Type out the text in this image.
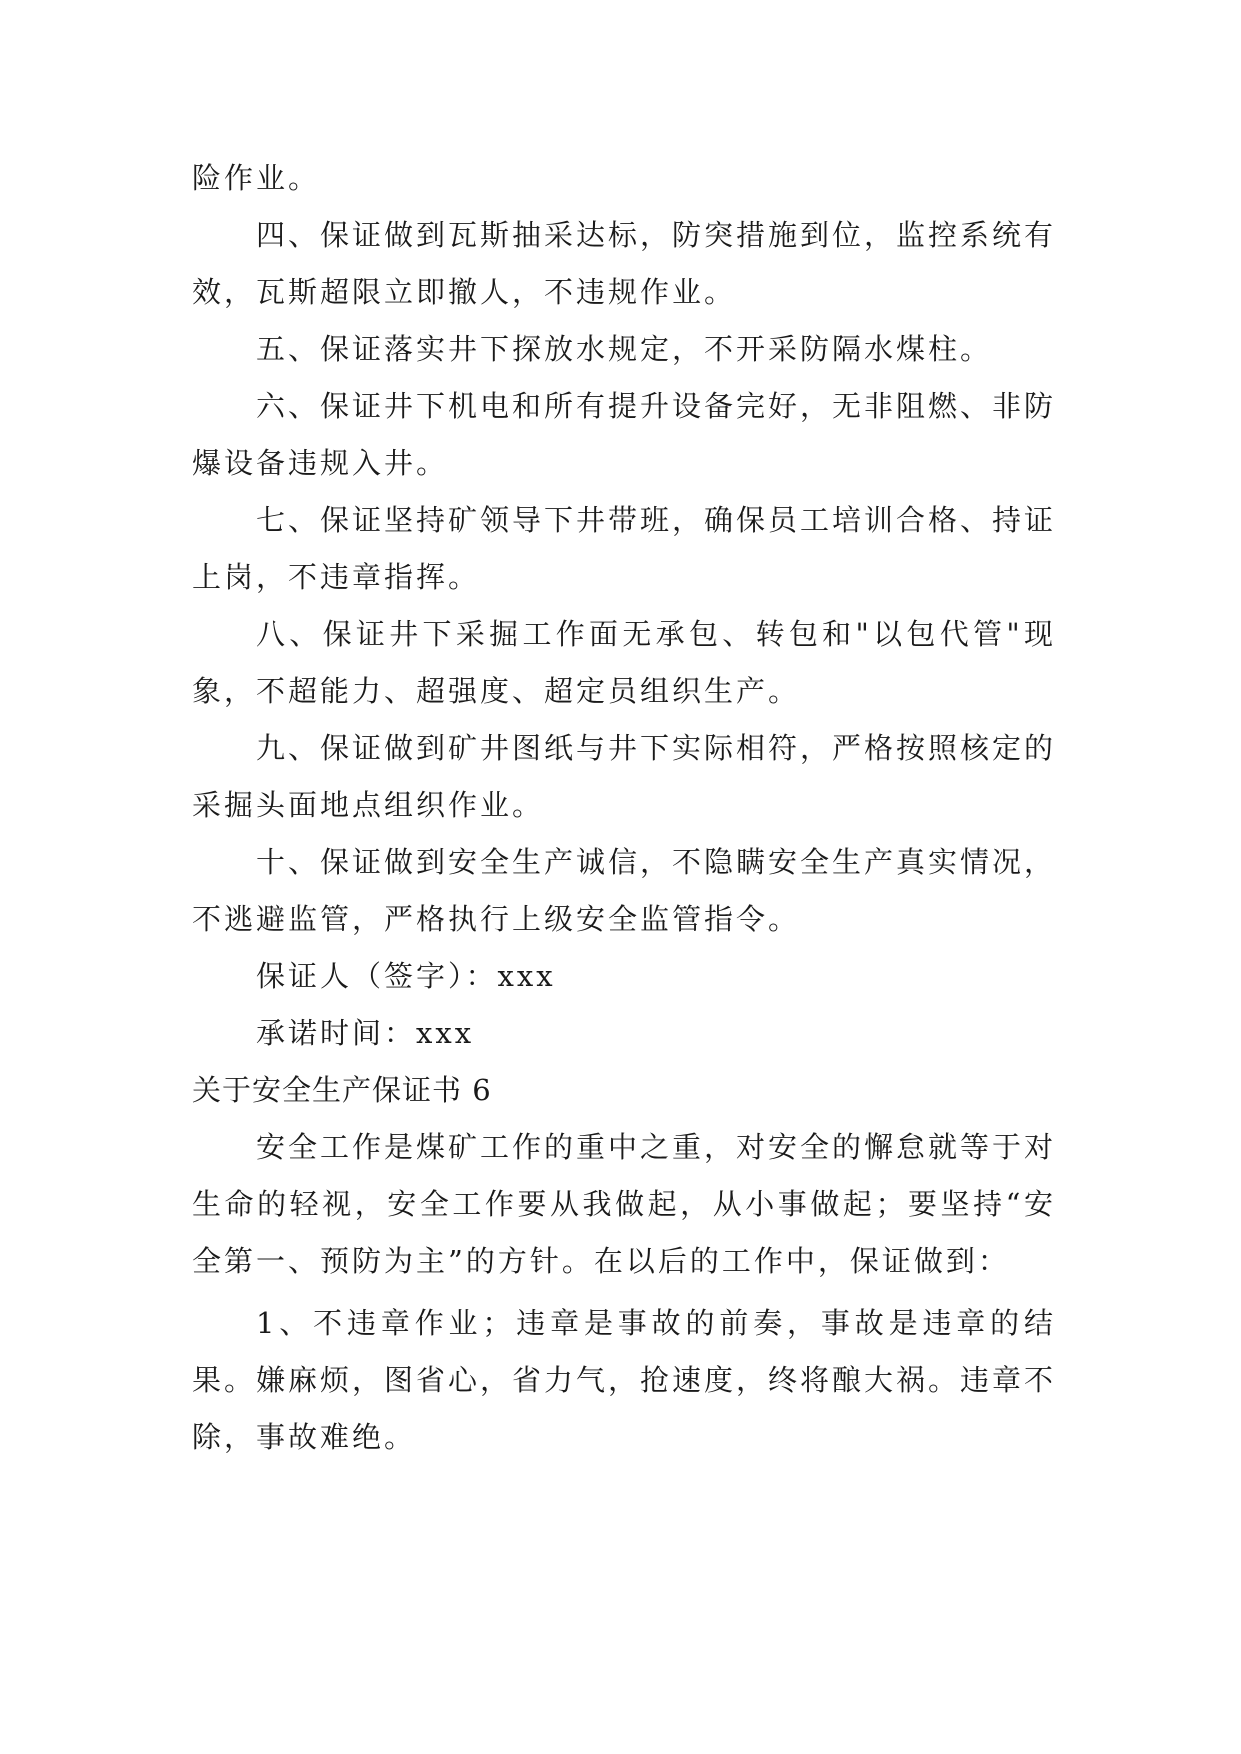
险作业。

四、保证做到瓦斯抽采达标，防突措施到位，监控系统有效，瓦斯超限立即撤人，不违规作业。

五、保证落实井下探放水规定，不开采防隔水煤柱。

六、保证井下机电和所有提升设备完好，无非阻燃、非防爆设备违规入井。

七、保证坚持矿领导下井带班，确保员工培训合格、持证上岗，不违章指挥。

八、保证井下采掘工作面无承包、转包和"以包代管"现象，不超能力、超强度、超定员组织生产。

九、保证做到矿井图纸与井下实际相符，严格按照核定的采掘头面地点组织作业。

十、保证做到安全生产诚信，不隐瞒安全生产真实情况，不逃避监管，严格执行上级安全监管指令。

保证人（签字）：xxx

承诺时间：xxx

关于安全生产保证书 6

安全工作是煤矿工作的重中之重，对安全的懈怠就等于对生命的轻视，安全工作要从我做起，从小事做起；要坚持“安全第一、预防为主”的方针。在以后的工作中，保证做到：

1、不违章作业；违章是事故的前奏，事故是违章的结果。嫌麻烦，图省心，省力气，抢速度，终将酿大祸。违章不除，事故难绝。
